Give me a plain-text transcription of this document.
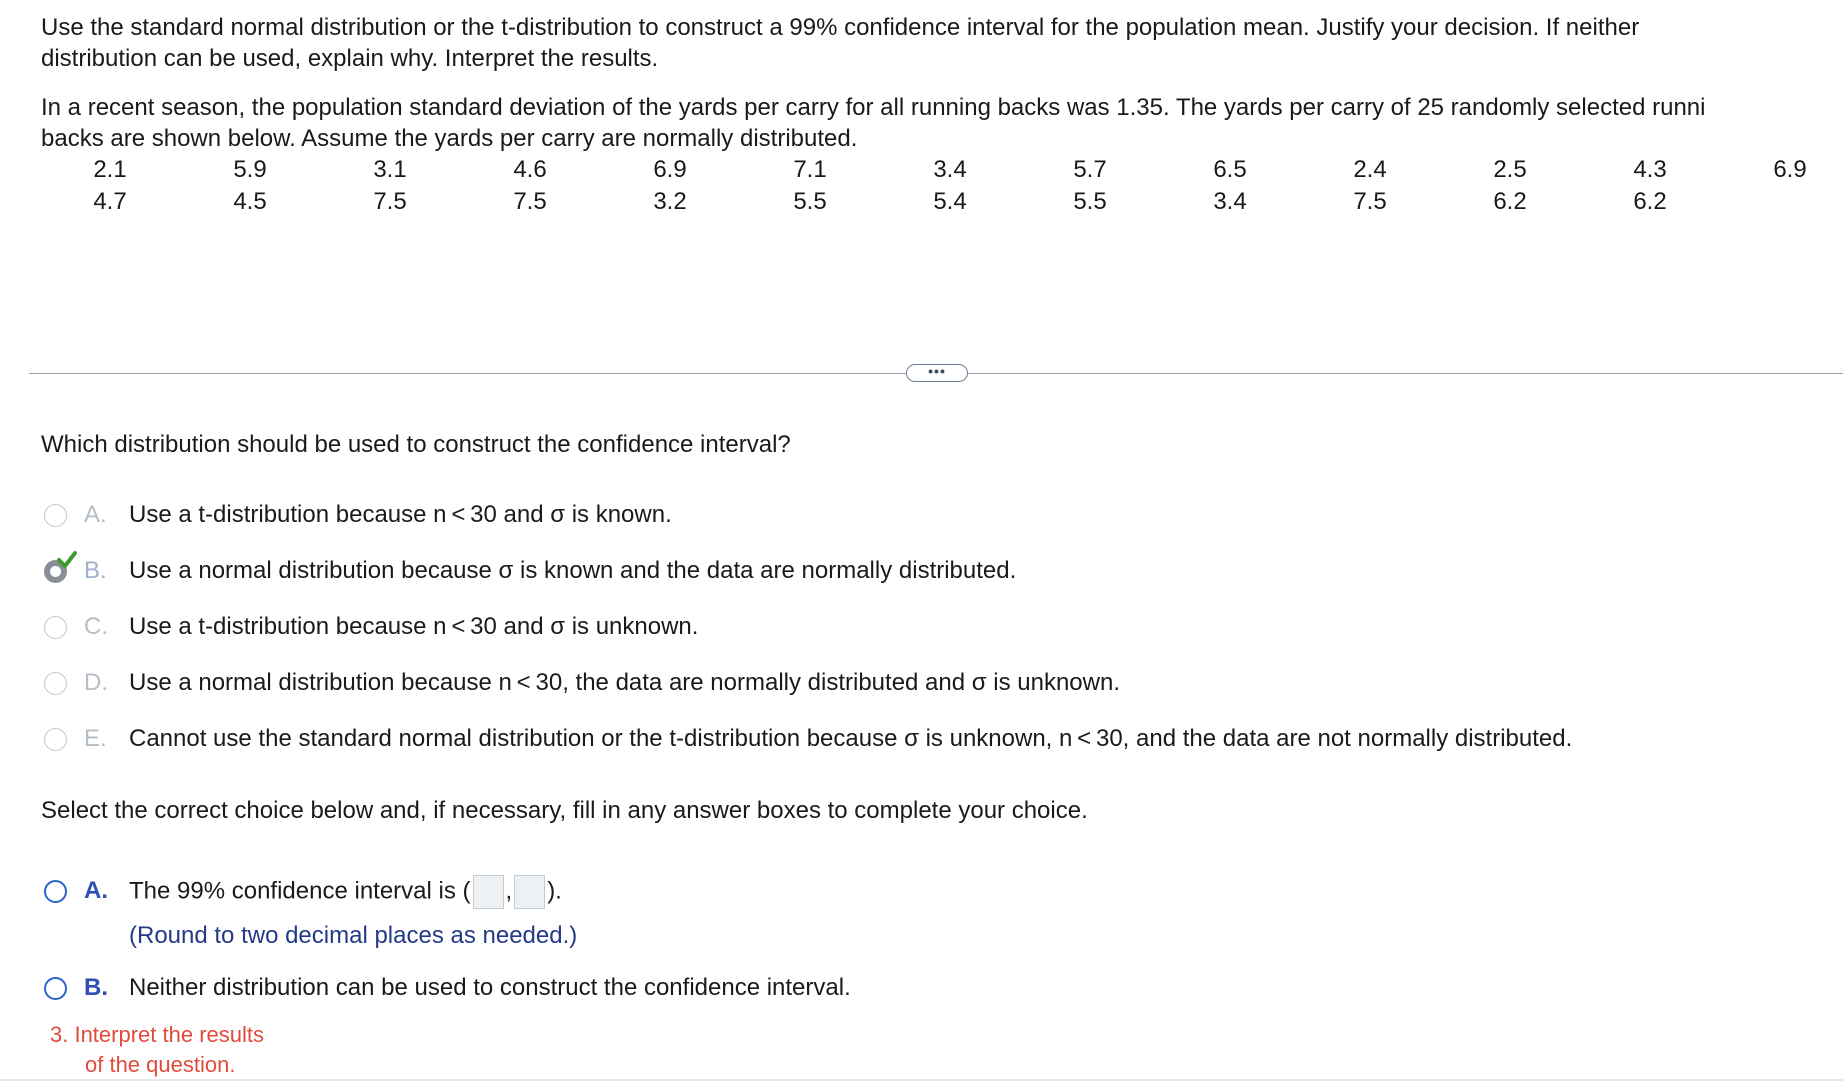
Use the standard normal distribution or the t-distribution to construct a 99% confidence interval for the population mean. Justify your decision. If neither
distribution can be used, explain why. Interpret the results.
In a recent season, the population standard deviation of the yards per carry for all running backs was 1.35. The yards per carry of 25 randomly selected runni
backs are shown below. Assume the yards per carry are normally distributed.
2.1	5.9	3.1	4.6	6.9	7.1	3.4	5.7	6.5	2.4	2.5	4.3	6.9
4.7	4.5	7.5	7.5	3.2	5.5	5.4	5.5	3.4	7.5	6.2	6.2
•••
Which distribution should be used to construct the confidence interval?
A. Use a t-distribution because n < 30 and σ is known.
B. Use a normal distribution because σ is known and the data are normally distributed.
C. Use a t-distribution because n < 30 and σ is unknown.
D. Use a normal distribution because n < 30, the data are normally distributed and σ is unknown.
E. Cannot use the standard normal distribution or the t-distribution because σ is unknown, n < 30, and the data are not normally distributed.
Select the correct choice below and, if necessary, fill in any answer boxes to complete your choice.
A. The 99% confidence interval is ( , ).
(Round to two decimal places as needed.)
B. Neither distribution can be used to construct the confidence interval.
3. Interpret the results
of the question.
